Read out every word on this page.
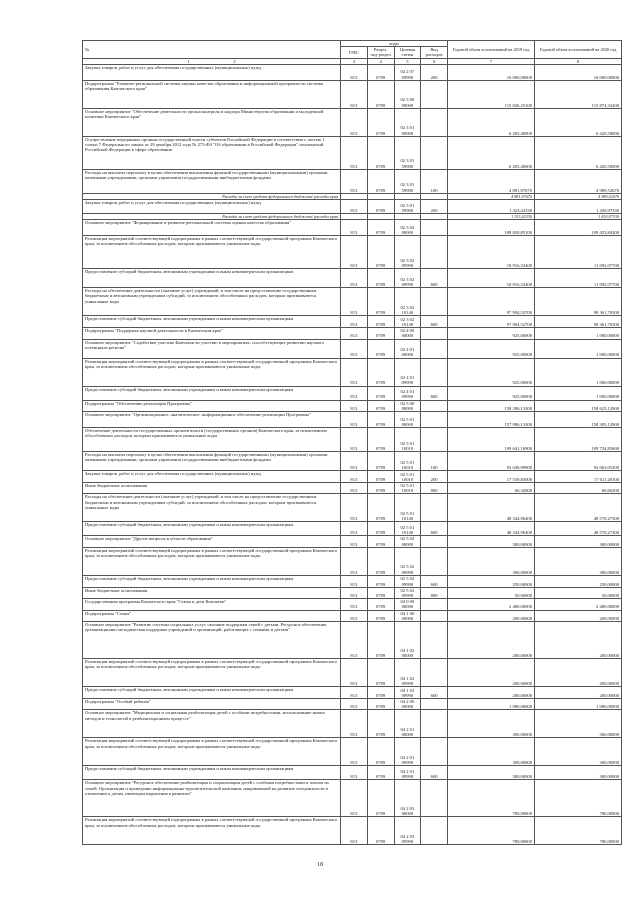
№	коды				Годовой объем ассигнований на 2019 год	Годовой объем ассигнований на 2020 год
	ГРБС	Раздел, под-раздел	Целевая статья	Вид расходов		
1                                      2	3	4	5	6	7	8
Закупка товаров, работ и услуг для обеспечения государственных (муниципальных) нужд	813	0709	02 2 07 09990	200	16 000,00000	16 000,00000
Подпрограмма "Развитие региональной системы оценки качества образования и информационной прозрачности системы образования Камчатского края"	813	0709	02 3 00 00000		115 026,25100	115 874,34200
Основное мероприятие "Обеспечение деятельности органа контроля и надзора Министерства образования и молодежной политики Камчатского края"	813	0709	02 3 01 00000		6 205,40000	6 420,50000
Осуществление переданных органам государственной власти субъектов Российской Федерации в соответствии с частью 1 статьи 7 Федерального закона от 29 декабря 2012 года № 273-ФЗ "Об образовании в Российской Федерации" полномочий Российской Федерации в сфере образования	813	0709	02 3 01 59900		6 205,40000	6 420,50000
Расходы на выплаты персоналу в целях обеспечения выполнения функций государственными (муниципальными) органами, казенными учреждениями, органами управления государственными внебюджетными фондами	813	0709	02 3 01 59900	100	4 881,97670	4 989,52670
Расходы за счет средств федерального бюджета/ расходы края					4 881,97670	4 989,52670
Закупка товаров, работ и услуг для обеспечения государственных (муниципальных) нужд	813	0709	02 3 01 59900	200	1 323,42330	1 430,97330
Расходы за счет средств федерального бюджета/ расходы края					1 323,42330	1 430,97330
Основное мероприятие "Формирование и развитие региональной системы оценки качества образования"	813	0709	02 3 02 00000		108 820,85100	109 453,84200
Реализация мероприятий соответствующей подпрограммы в рамках соответствующей государственной программы Камчатского края, за исключением обособленных расходов, которым присваиваются уникальные коды	813	0709	02 3 02 09990		10 916,32400	11 092,07700
Предоставление субсидий бюджетным, автономным учреждениям и иным некоммерческим организациям	813	0709	02 3 02 09990	600	10 916,32400	11 092,07700
Расходы на обеспечение деятельности (оказание услуг) учреждений, в том числе на предоставление государственным бюджетным и автономным учреждениям субсидий, за исключением обособленных расходов, которым присваиваются уникальные коды	813	0709	02 3 02 10140		97 904,52700	98 361,76500
Предоставление субсидий бюджетным, автономным учреждениям и иным некоммерческим организациям	813	0709	02 3 02 10140	600	97 904,52700	98 361,76500
Подпрограмма "Поддержка научной деятельности в Камчатском крае"	813	0709	02 4 00 00000		925,00000	1 000,00000
Основное мероприятие "Содействие участию Камчатки во участию в мероприятиях, способствующих развитию научного потенциала региона"	813	0709	02 4 01 00000		925,00000	1 000,00000
Реализация мероприятий соответствующей подпрограммы в рамках соответствующей государственной программы Камчатского края, за исключением обособленных расходов, которым присваиваются уникальные коды	813	0709	02 4 01 09990		925,00000	1 000,00000
Предоставление субсидий бюджетным, автономным учреждениям и иным некоммерческим организациям	813	0709	02 4 01 09990	600	925,00000	1 000,00000
Подпрограмма "Обеспечение реализации Программы"	813	0709	02 5 00 00000		158 286,13300	158 625,12900
Основное мероприятие "Организационное, аналитическое, информационное обеспечение реализации Программы"	813	0709	02 5 01 00000		157 986,13300	158 305,12900
Обеспечение деятельности государственных органов власти (государственных органов) Камчатского края, за исключением обособленных расходов, которым присваиваются уникальные коды	813	0709	02 5 01 10010		109 641,16900	109 734,85600
Расходы на выплаты персоналу в целях обеспечения выполнения функций государственными (муниципальными) органами, казенными учреждениями, органами управления государственными внебюджетными фондами	813	0709	02 5 01 10010	100	92 040,99900	92 063,05200
Закупка товаров, работ и услуг для обеспечения государственных (муниципальных) нужд	813	0709	02 5 01 10010	200	17 539,85000	17 611,20100
Иные бюджетные ассигнования	813	0709	02 5 01 10010	800	60,32000	60,60200
Расходы на обеспечение деятельности (оказание услуг) учреждений, в том числе на предоставление государственным бюджетным и автономным учреждениям субсидий, за исключением обособленных расходов, которым присваиваются уникальные коды	813	0709	02 5 01 10140		48 344,96400	48 570,27300
Предоставление субсидий бюджетным, автономным учреждениям и иным некоммерческим организациям	813	0709	02 5 01 10140	600	48 344,96400	48 570,27300
Основное мероприятие "Другие вопросы в области образования"	813	0709	02 5 02 00000		300,00000	300,00000
Реализация мероприятий соответствующей подпрограммы в рамках соответствующей государственной программы Камчатского края, за исключением обособленных расходов, которым присваиваются уникальные коды	813	0709	02 5 02 09990		300,00000	300,00000
Предоставление субсидий бюджетным, автономным учреждениям и иным некоммерческим организациям	813	0709	02 5 02 09990	600	250,00000	250,00000
Иные бюджетные ассигнования	813	0709	02 5 02 09990	800	50,00000	50,00000
Государственная программа Камчатского края "Семья и дети Камчатки"	813	0709	04 0 00 00000		2 480,00000	2 480,00000
Подпрограмма "Семья"	813	0709	04 1 00 00000		200,00000	200,00000
Основное мероприятие "Развитие системы социальных услуг, оказание поддержки семей с детьми. Ресурсное обеспечение, организационно-методическая поддержка учреждений и организаций, работающих с семьями и детьми"	813	0709	04 1 02 00000		200,00000	200,00000
Реализация мероприятий соответствующей подпрограммы в рамках соответствующей государственной программы Камчатского края, за исключением обособленных расходов, которым присваиваются уникальные коды	813	0709	04 1 02 09990		200,00000	200,00000
Предоставление субсидий бюджетным, автономным учреждениям и иным некоммерческим организациям	813	0709	04 1 02 09990	600	200,00000	200,00000
Подпрограмма "Особый ребенок"	813	0709	04 2 00 00000		1 080,00000	1 080,00000
Основное мероприятие "Медицинская и социальная реабилитация детей с особыми потребностями, использование новых методов и технологий в реабилитационном процессе"	813	0709	04 2 01 00000		300,00000	300,00000
Реализация мероприятий соответствующей подпрограммы в рамках соответствующей государственной программы Камчатского края, за исключением обособленных расходов, которым присваиваются уникальные коды	813	0709	04 2 01 09990		300,00000	300,00000
Предоставление субсидий бюджетным, автономным учреждениям и иным некоммерческим организациям	813	0709	04 2 01 09990	600	300,00000	300,00000
Основное мероприятие "Ресурсное обеспечение реабилитации и социализации детей с особыми потребностями и членов их семей. Организация и проведение информационно-просветительской кампании, направленной на развитие толерантности в отношении к детям, имеющим нарушения в развитии"	813	0709	04 2 03 00000		780,00000	780,00000
Реализация мероприятий соответствующей подпрограммы в рамках соответствующей государственной программы Камчатского края, за исключением обособленных расходов, которым присваиваются уникальные коды	813	0709	04 2 03 09990		780,00000	780,00000
18
